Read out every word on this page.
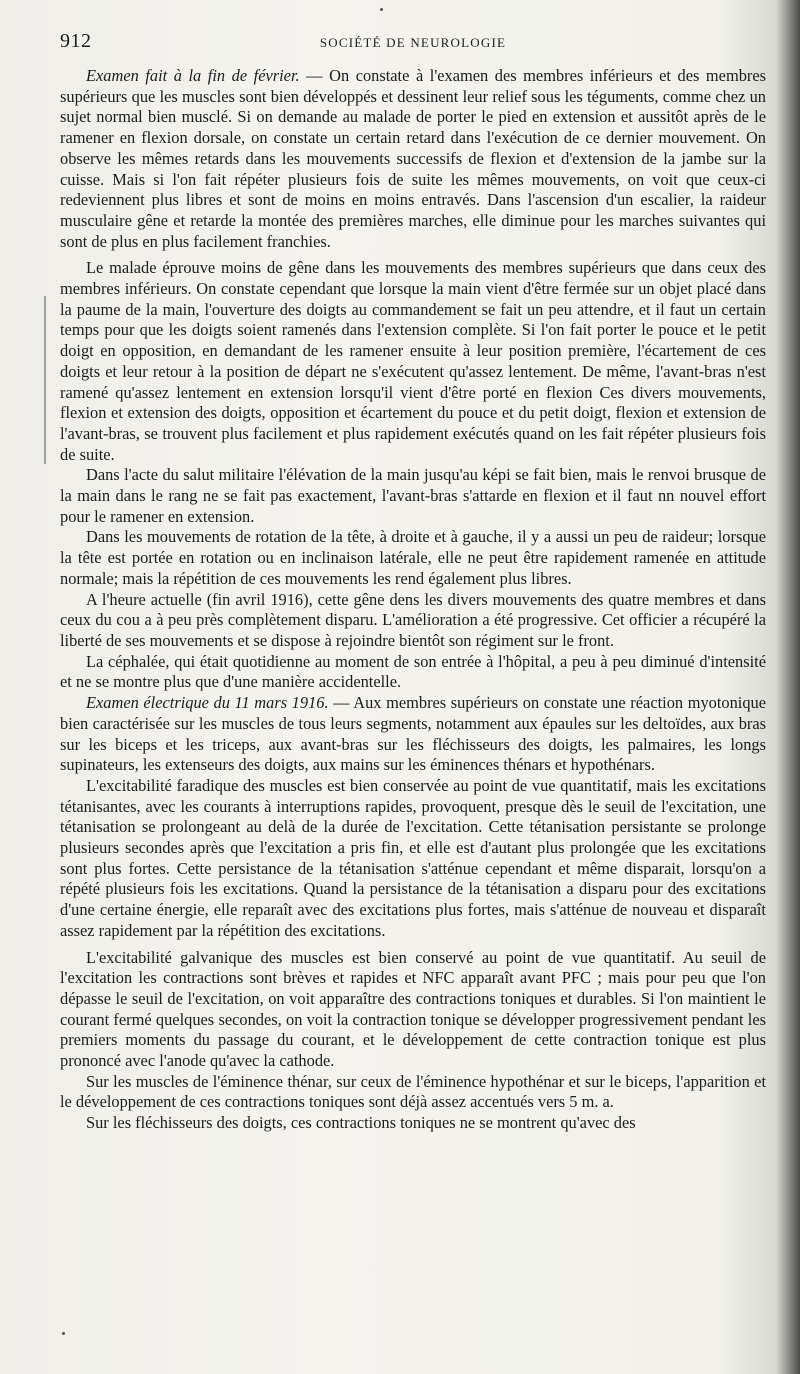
912	SOCIÉTÉ DE NEUROLOGIE

Examen fait à la fin de février. — On constate à l'examen des membres inférieurs et des membres supérieurs que les muscles sont bien développés et dessinent leur relief sous les téguments, comme chez un sujet normal bien musclé. Si on demande au malade de porter le pied en extension et aussitôt après de le ramener en flexion dorsale, on constate un certain retard dans l'exécution de ce dernier mouvement. On observe les mêmes retards dans les mouvements successifs de flexion et d'extension de la jambe sur la cuisse. Mais si l'on fait répéter plusieurs fois de suite les mêmes mouvements, on voit que ceux-ci redeviennent plus libres et sont de moins en moins entravés. Dans l'ascension d'un escalier, la raideur musculaire gêne et retarde la montée des premières marches, elle diminue pour les marches suivantes qui sont de plus en plus facilement franchies.

Le malade éprouve moins de gêne dans les mouvements des membres supérieurs que dans ceux des membres inférieurs. On constate cependant que lorsque la main vient d'être fermée sur un objet placé dans la paume de la main, l'ouverture des doigts au commandement se fait un peu attendre, et il faut un certain temps pour que les doigts soient ramenés dans l'extension complète. Si l'on fait porter le pouce et le petit doigt en opposition, en demandant de les ramener ensuite à leur position première, l'écartement de ces doigts et leur retour à la position de départ ne s'exécutent qu'assez lentement. De même, l'avant-bras n'est ramené qu'assez lentement en extension lorsqu'il vient d'être porté en flexion Ces divers mouvements, flexion et extension des doigts, opposition et écartement du pouce et du petit doigt, flexion et extension de l'avant-bras, se trouvent plus facilement et plus rapidement exécutés quand on les fait répéter plusieurs fois de suite.

Dans l'acte du salut militaire l'élévation de la main jusqu'au képi se fait bien, mais le renvoi brusque de la main dans le rang ne se fait pas exactement, l'avant-bras s'attarde en flexion et il faut nn nouvel effort pour le ramener en extension.

Dans les mouvements de rotation de la tête, à droite et à gauche, il y a aussi un peu de raideur; lorsque la tête est portée en rotation ou en inclinaison latérale, elle ne peut être rapidement ramenée en attitude normale; mais la répétition de ces mouvements les rend également plus libres.

A l'heure actuelle (fin avril 1916), cette gêne dens les divers mouvements des quatre membres et dans ceux du cou a à peu près complètement disparu. L'amélioration a été progressive. Cet officier a récupéré la liberté de ses mouvements et se dispose à rejoindre bientôt son régiment sur le front.

La céphalée, qui était quotidienne au moment de son entrée à l'hôpital, a peu à peu diminué d'intensité et ne se montre plus que d'une manière accidentelle.

Examen électrique du 11 mars 1916. — Aux membres supérieurs on constate une réaction myotonique bien caractérisée sur les muscles de tous leurs segments, notamment aux épaules sur les deltoïdes, aux bras sur les biceps et les triceps, aux avant-bras sur les fléchisseurs des doigts, les palmaires, les longs supinateurs, les extenseurs des doigts, aux mains sur les éminences thénars et hypothénars.

L'excitabilité faradique des muscles est bien conservée au point de vue quantitatif, mais les excitations tétanisantes, avec les courants à interruptions rapides, provoquent, presque dès le seuil de l'excitation, une tétanisation se prolongeant au delà de la durée de l'excitation. Cette tétanisation persistante se prolonge plusieurs secondes après que l'excitation a pris fin, et elle est d'autant plus prolongée que les excitations sont plus fortes. Cette persistance de la tétanisation s'atténue cependant et même disparait, lorsqu'on a répété plusieurs fois les excitations. Quand la persistance de la tétanisation a disparu pour des excitations d'une certaine énergie, elle reparaît avec des excitations plus fortes, mais s'atténue de nouveau et disparaît assez rapidement par la répétition des excitations.

L'excitabilité galvanique des muscles est bien conservé au point de vue quantitatif. Au seuil de l'excitation les contractions sont brèves et rapides et NFC apparaît avant PFC ; mais pour peu que l'on dépasse le seuil de l'excitation, on voit apparaître des contractions toniques et durables. Si l'on maintient le courant fermé quelques secondes, on voit la contraction tonique se développer progressivement pendant les premiers moments du passage du courant, et le développement de cette contraction tonique est plus prononcé avec l'anode qu'avec la cathode.

Sur les muscles de l'éminence thénar, sur ceux de l'éminence hypothénar et sur le biceps, l'apparition et le développement de ces contractions toniques sont déjà assez accentués vers 5 m. a.

Sur les fléchisseurs des doigts, ces contractions toniques ne se montrent qu'avec des
